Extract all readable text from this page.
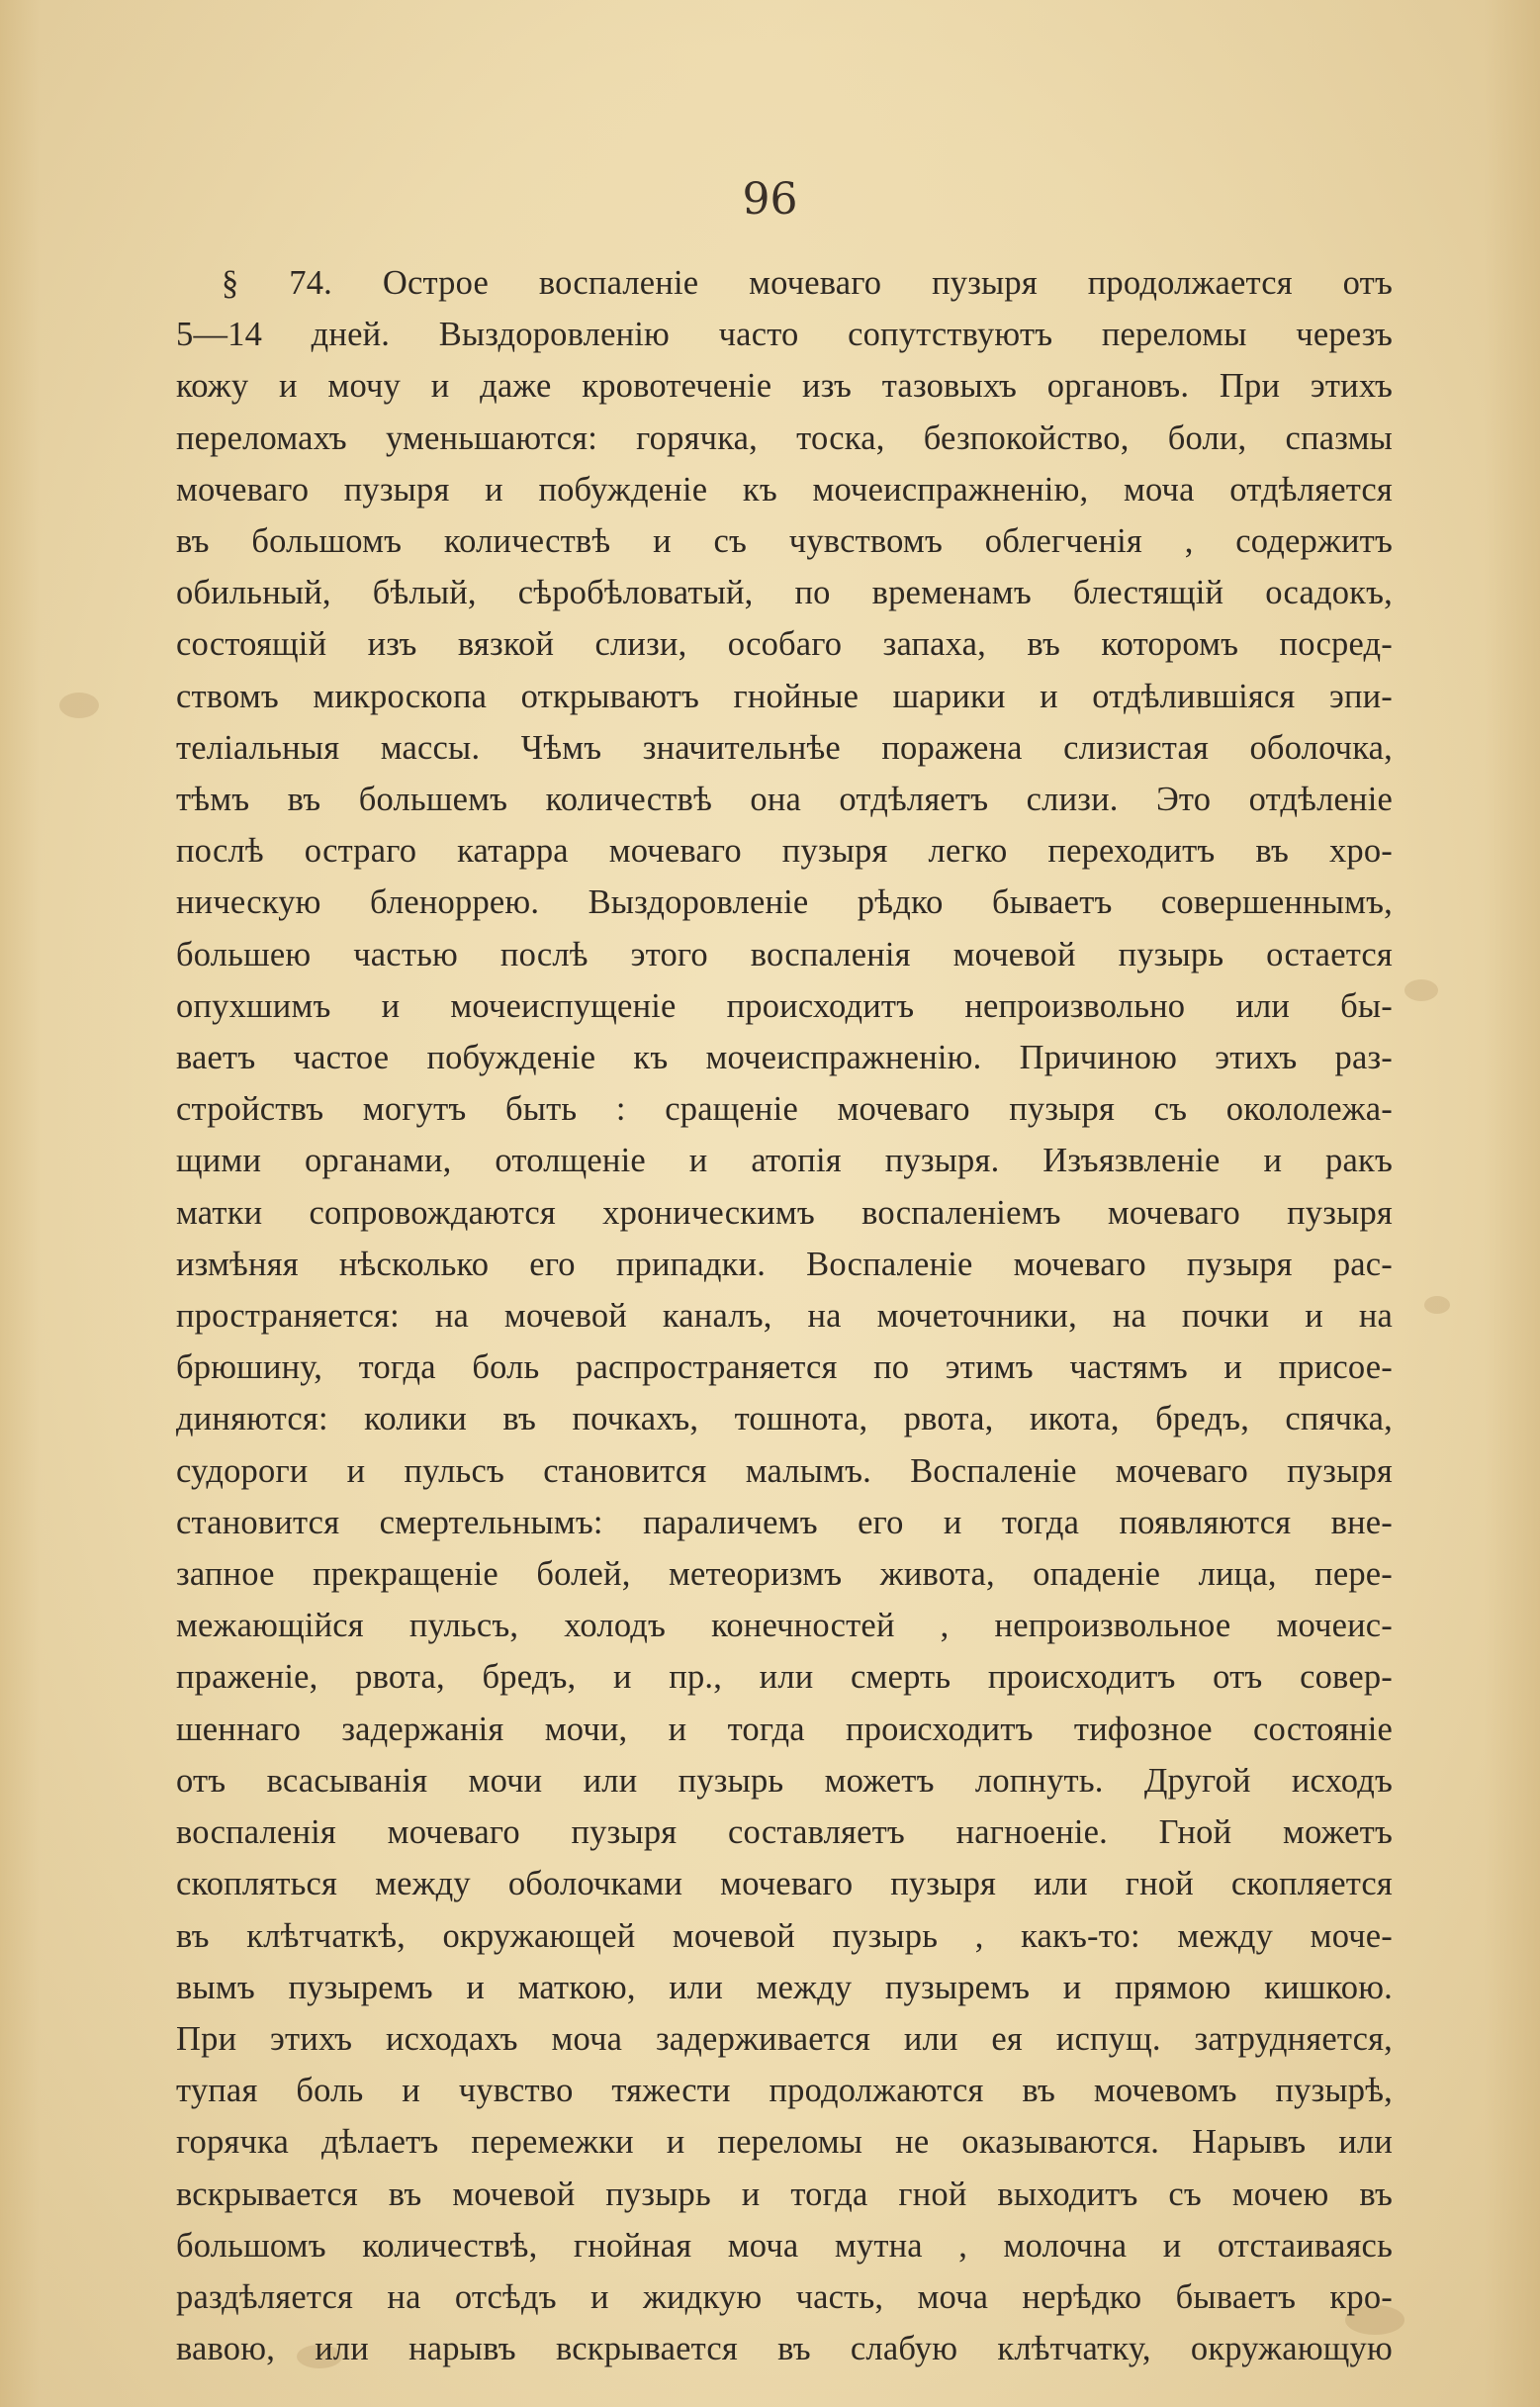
96
§ 74. Острое воспаленіе мочеваго пузыря продолжается отъ
5—14 дней. Выздоровленію часто сопутствуютъ переломы черезъ
кожу и мочу и даже кровотеченіе изъ тазовыхъ органовъ. При этихъ
переломахъ уменьшаются: горячка, тоска, безпокойство, боли, спазмы
мочеваго пузыря и побужденіе къ мочеиспражненію, моча отдѣляется
въ большомъ количествѣ и съ чувствомъ облегченія , содержитъ
обильный, бѣлый, сѣробѣловатый, по временамъ блестящій осадокъ,
состоящій изъ вязкой слизи, особаго запаха, въ которомъ посред-
ствомъ микроскопа открываютъ гнойные шарики и отдѣлившіяся эпи-
теліальныя массы. Чѣмъ значительнѣе поражена слизистая оболочка,
тѣмъ въ большемъ количествѣ она отдѣляетъ слизи. Это отдѣленіе
послѣ остраго катарра мочеваго пузыря легко переходитъ въ хро-
ническую бленоррею. Выздоровленіе рѣдко бываетъ совершеннымъ,
большею частью послѣ этого воспаленія мочевой пузырь остается
опухшимъ и мочеиспущеніе происходитъ непроизвольно или бы-
ваетъ частое побужденіе къ мочеиспражненію. Причиною этихъ раз-
стройствъ могутъ быть : сращеніе мочеваго пузыря съ окололежа-
щими органами, отолщеніе и атопія пузыря. Изъязвленіе и ракъ
матки сопровождаются хроническимъ воспаленіемъ мочеваго пузыря
измѣняя нѣсколько его припадки. Воспаленіе мочеваго пузыря рас-
пространяется: на мочевой каналъ, на мочеточники, на почки и на
брюшину, тогда боль распространяется по этимъ частямъ и присое-
диняются: колики въ почкахъ, тошнота, рвота, икота, бредъ, спячка,
судороги и пульсъ становится малымъ. Воспаленіе мочеваго пузыря
становится смертельнымъ: параличемъ его и тогда появляются вне-
запное прекращеніе болей, метеоризмъ живота, опаденіе лица, пере-
межающійся пульсъ, холодъ конечностей , непроизвольное мочеис-
праженіе, рвота, бредъ, и пр., или смерть происходитъ отъ совер-
шеннаго задержанія мочи, и тогда происходитъ тифозное состояніе
отъ всасыванія мочи или пузырь можетъ лопнуть. Другой исходъ
воспаленія мочеваго пузыря составляетъ нагноеніе. Гной можетъ
скопляться между оболочками мочеваго пузыря или гной скопляется
въ клѣтчаткѣ, окружающей мочевой пузырь , какъ-то: между моче-
вымъ пузыремъ и маткою, или между пузыремъ и прямою кишкою.
При этихъ исходахъ моча задерживается или ея испущ. затрудняется,
тупая боль и чувство тяжести продолжаются въ мочевомъ пузырѣ,
горячка дѣлаетъ перемежки и переломы не оказываются. Нарывъ или
вскрывается въ мочевой пузырь и тогда гной выходитъ съ мочею въ
большомъ количествѣ, гнойная моча мутна , молочна и отстаиваясь
раздѣляется на отсѣдъ и жидкую часть, моча нерѣдко бываетъ кро-
вавою, или нарывъ вскрывается въ слабую клѣтчатку, окружающую
